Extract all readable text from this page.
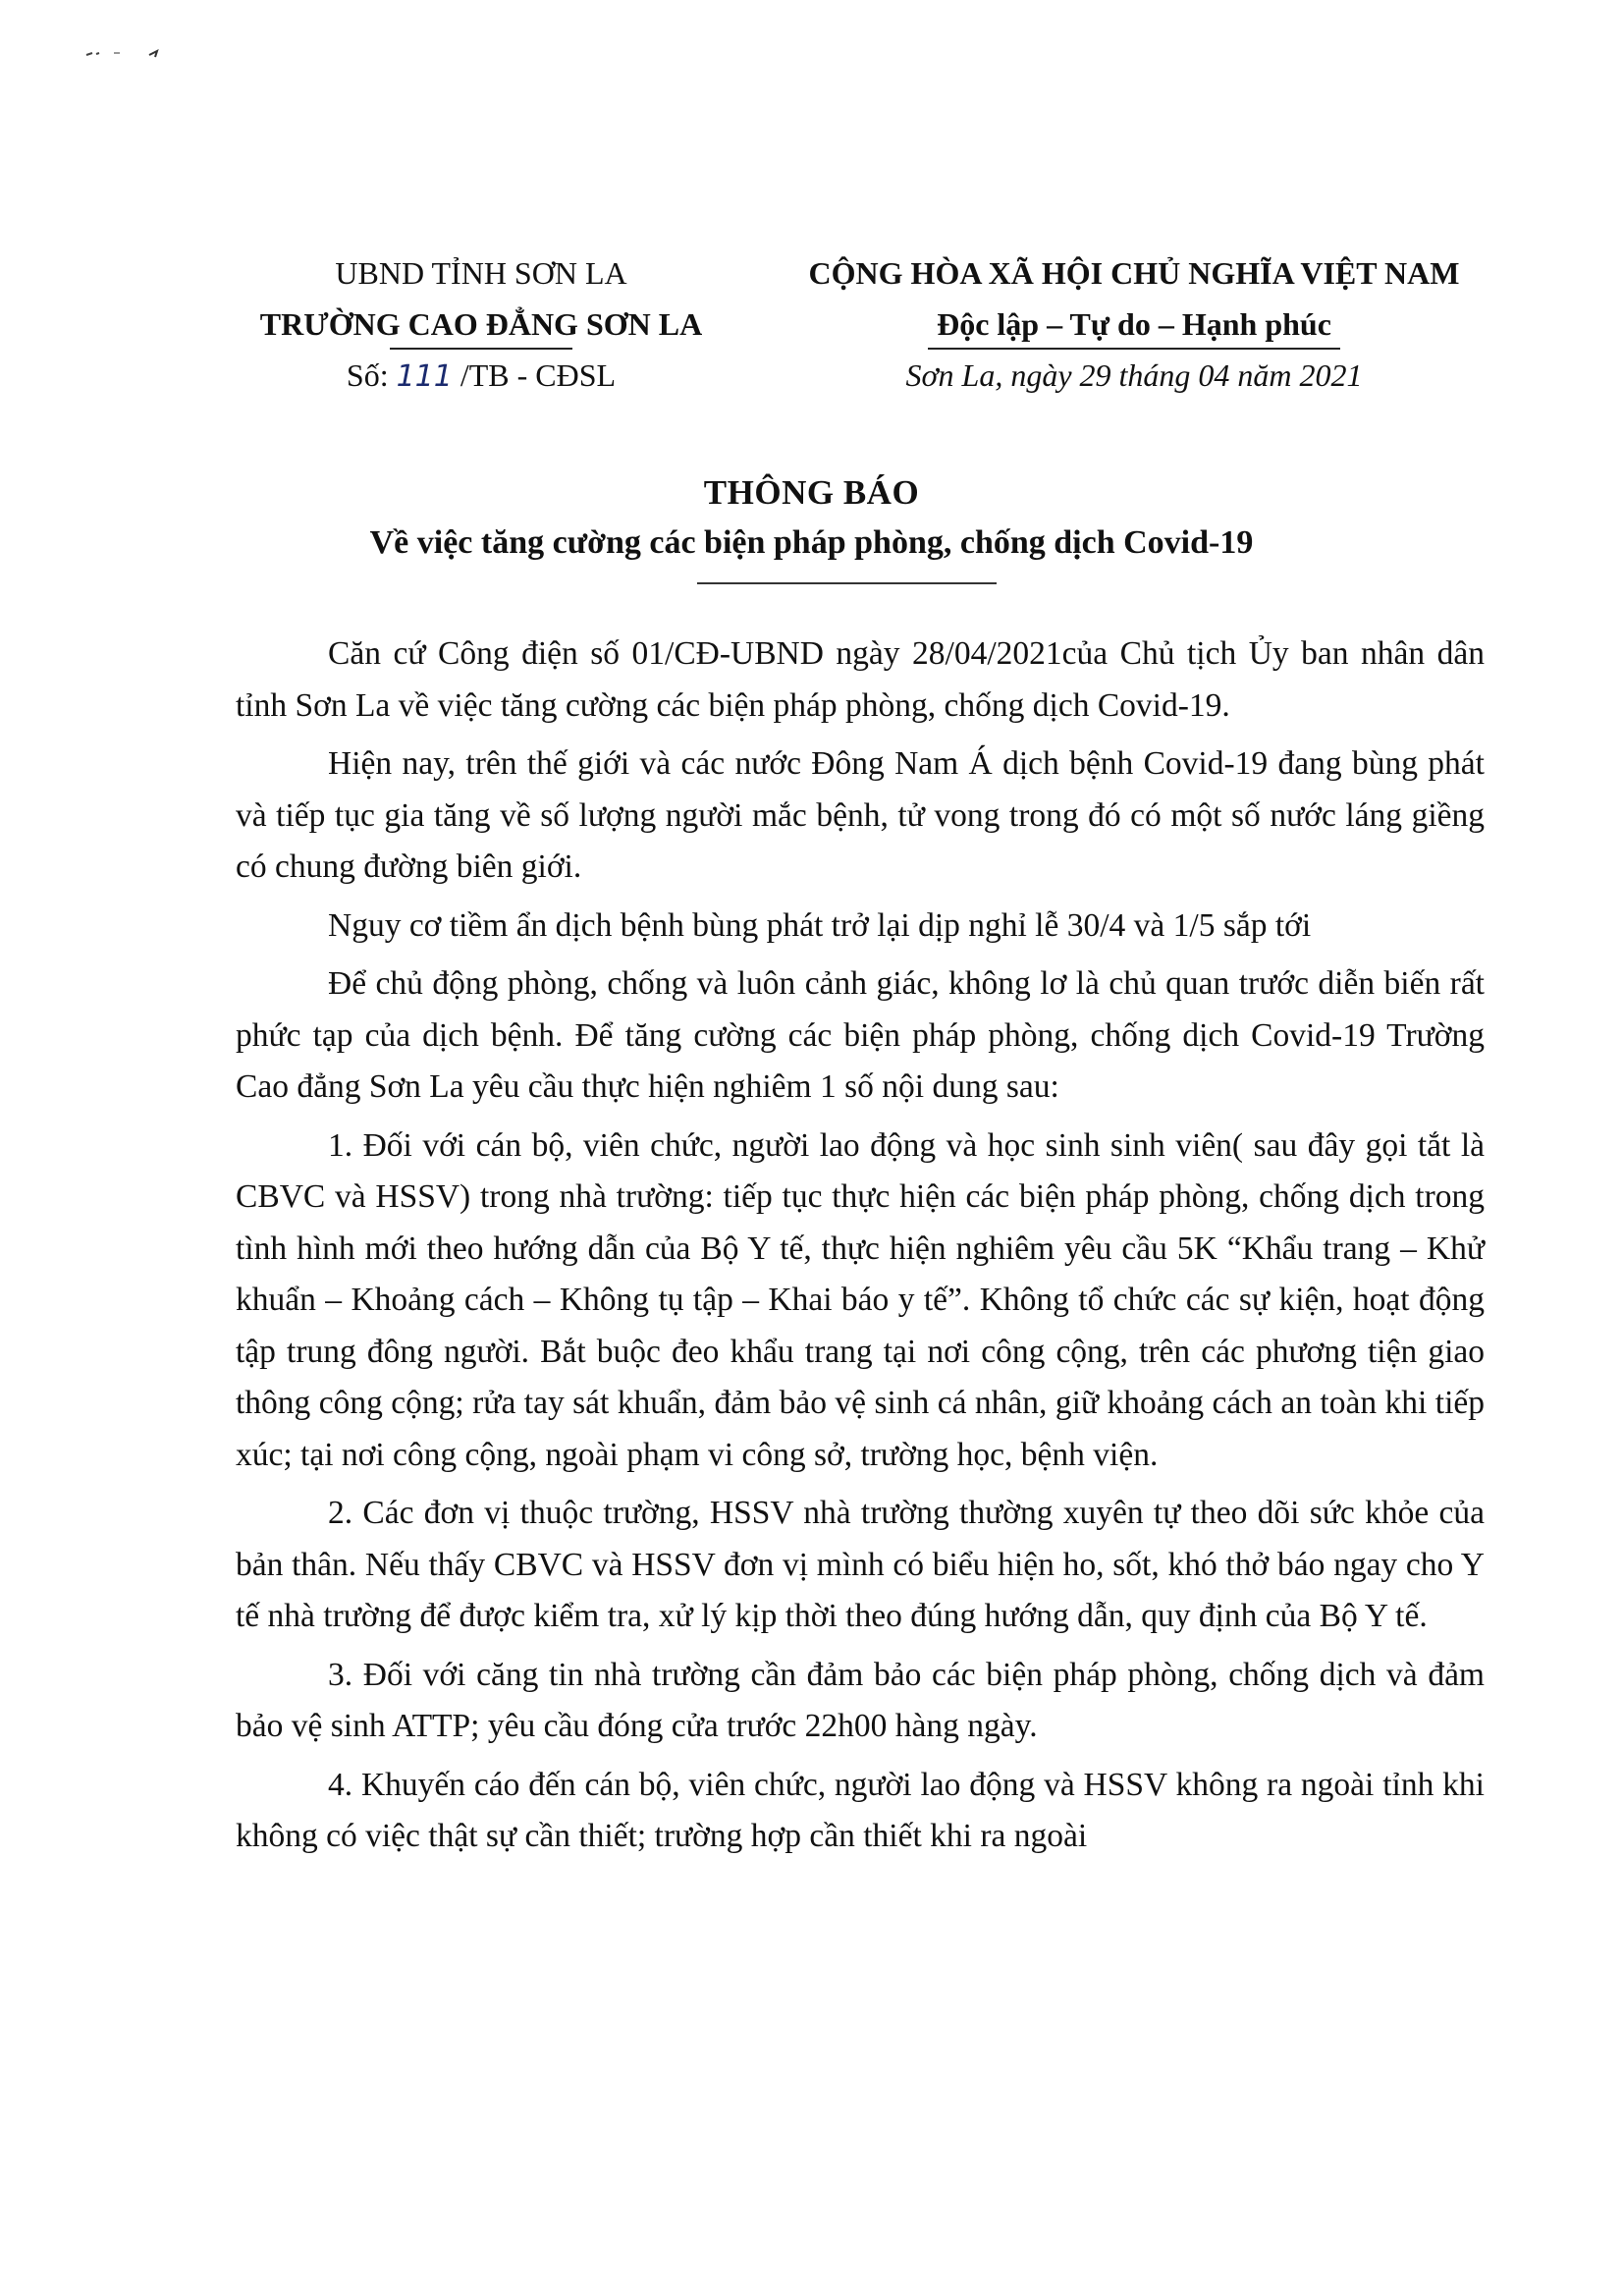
UBND TỈNH SƠN LA
TRƯỜNG CAO ĐẲNG SƠN LA
Số: 111 /TB - CĐSL
CỘNG HÒA XÃ HỘI CHỦ NGHĨA VIỆT NAM
Độc lập – Tự do – Hạnh phúc
Sơn La, ngày 29 tháng 04 năm 2021
THÔNG BÁO
Về việc tăng cường các biện pháp phòng, chống dịch Covid-19

Căn cứ Công điện số 01/CĐ-UBND ngày 28/04/2021của Chủ tịch Ủy ban nhân dân tỉnh Sơn La về việc tăng cường các biện pháp phòng, chống dịch Covid-19.

Hiện nay, trên thế giới và các nước Đông Nam Á dịch bệnh Covid-19 đang bùng phát và tiếp tục gia tăng về số lượng người mắc bệnh, tử vong trong đó có một số nước láng giềng có chung đường biên giới.

Nguy cơ tiềm ẩn dịch bệnh bùng phát trở lại dịp nghỉ lễ 30/4 và 1/5 sắp tới

Để chủ động phòng, chống và luôn cảnh giác, không lơ là chủ quan trước diễn biến rất phức tạp của dịch bệnh. Để tăng cường các biện pháp phòng, chống dịch Covid-19 Trường Cao đẳng Sơn La yêu cầu thực hiện nghiêm 1 số nội dung sau:

1. Đối với cán bộ, viên chức, người lao động và học sinh sinh viên( sau đây gọi tắt là CBVC và HSSV) trong nhà trường: tiếp tục thực hiện các biện pháp phòng, chống dịch trong tình hình mới theo hướng dẫn của Bộ Y tế, thực hiện nghiêm yêu cầu 5K “Khẩu trang – Khử khuẩn – Khoảng cách – Không tụ tập – Khai báo y tế”. Không tổ chức các sự kiện, hoạt động tập trung đông người. Bắt buộc đeo khẩu trang tại nơi công cộng, trên các phương tiện giao thông công cộng; rửa tay sát khuẩn, đảm bảo vệ sinh cá nhân, giữ khoảng cách an toàn khi tiếp xúc; tại nơi công cộng, ngoài phạm vi công sở, trường học, bệnh viện.

2. Các đơn vị thuộc trường, HSSV nhà trường thường xuyên tự theo dõi sức khỏe của bản thân. Nếu thấy CBVC và HSSV đơn vị mình có biểu hiện ho, sốt, khó thở báo ngay cho Y tế nhà trường để được kiểm tra, xử lý kịp thời theo đúng hướng dẫn, quy định của Bộ Y tế.

3. Đối với căng tin nhà trường cần đảm bảo các biện pháp phòng, chống dịch và đảm bảo vệ sinh ATTP; yêu cầu đóng cửa trước 22h00 hàng ngày.

4. Khuyến cáo đến cán bộ, viên chức, người lao động và HSSV không ra ngoài tỉnh khi không có việc thật sự cần thiết; trường hợp cần thiết khi ra ngoài
